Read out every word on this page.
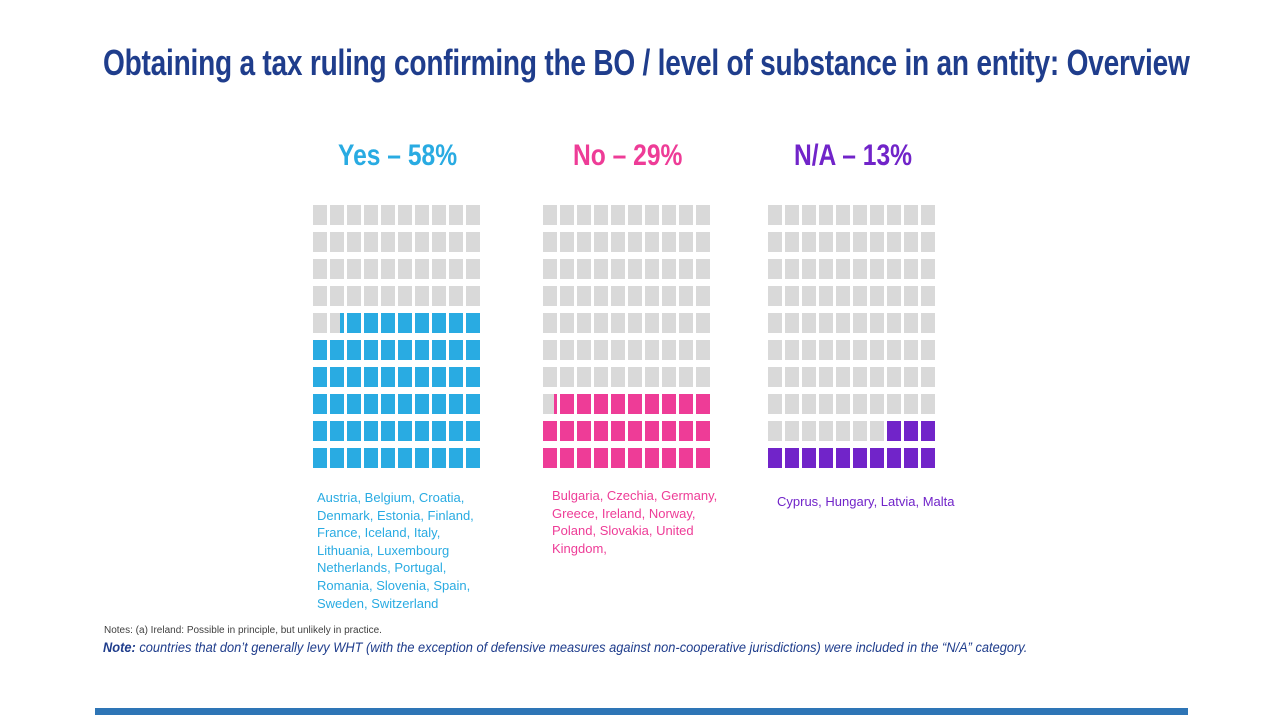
Obtaining a tax ruling confirming the BO / level of substance in an entity: Overview
Yes – 58%	No – 29%	N/A – 13%
Austria, Belgium, Croatia, Denmark, Estonia, Finland, France, Iceland, Italy, Lithuania, Luxembourg Netherlands, Portugal, Romania, Slovenia, Spain, Sweden, Switzerland
Bulgaria, Czechia, Germany, Greece, Ireland, Norway, Poland, Slovakia, United Kingdom,
Cyprus, Hungary, Latvia, Malta
Notes: (a) Ireland: Possible in principle, but unlikely in practice.
Note: countries that don’t generally levy WHT (with the exception of defensive measures against non-cooperative jurisdictions) were included in the “N/A” category.
